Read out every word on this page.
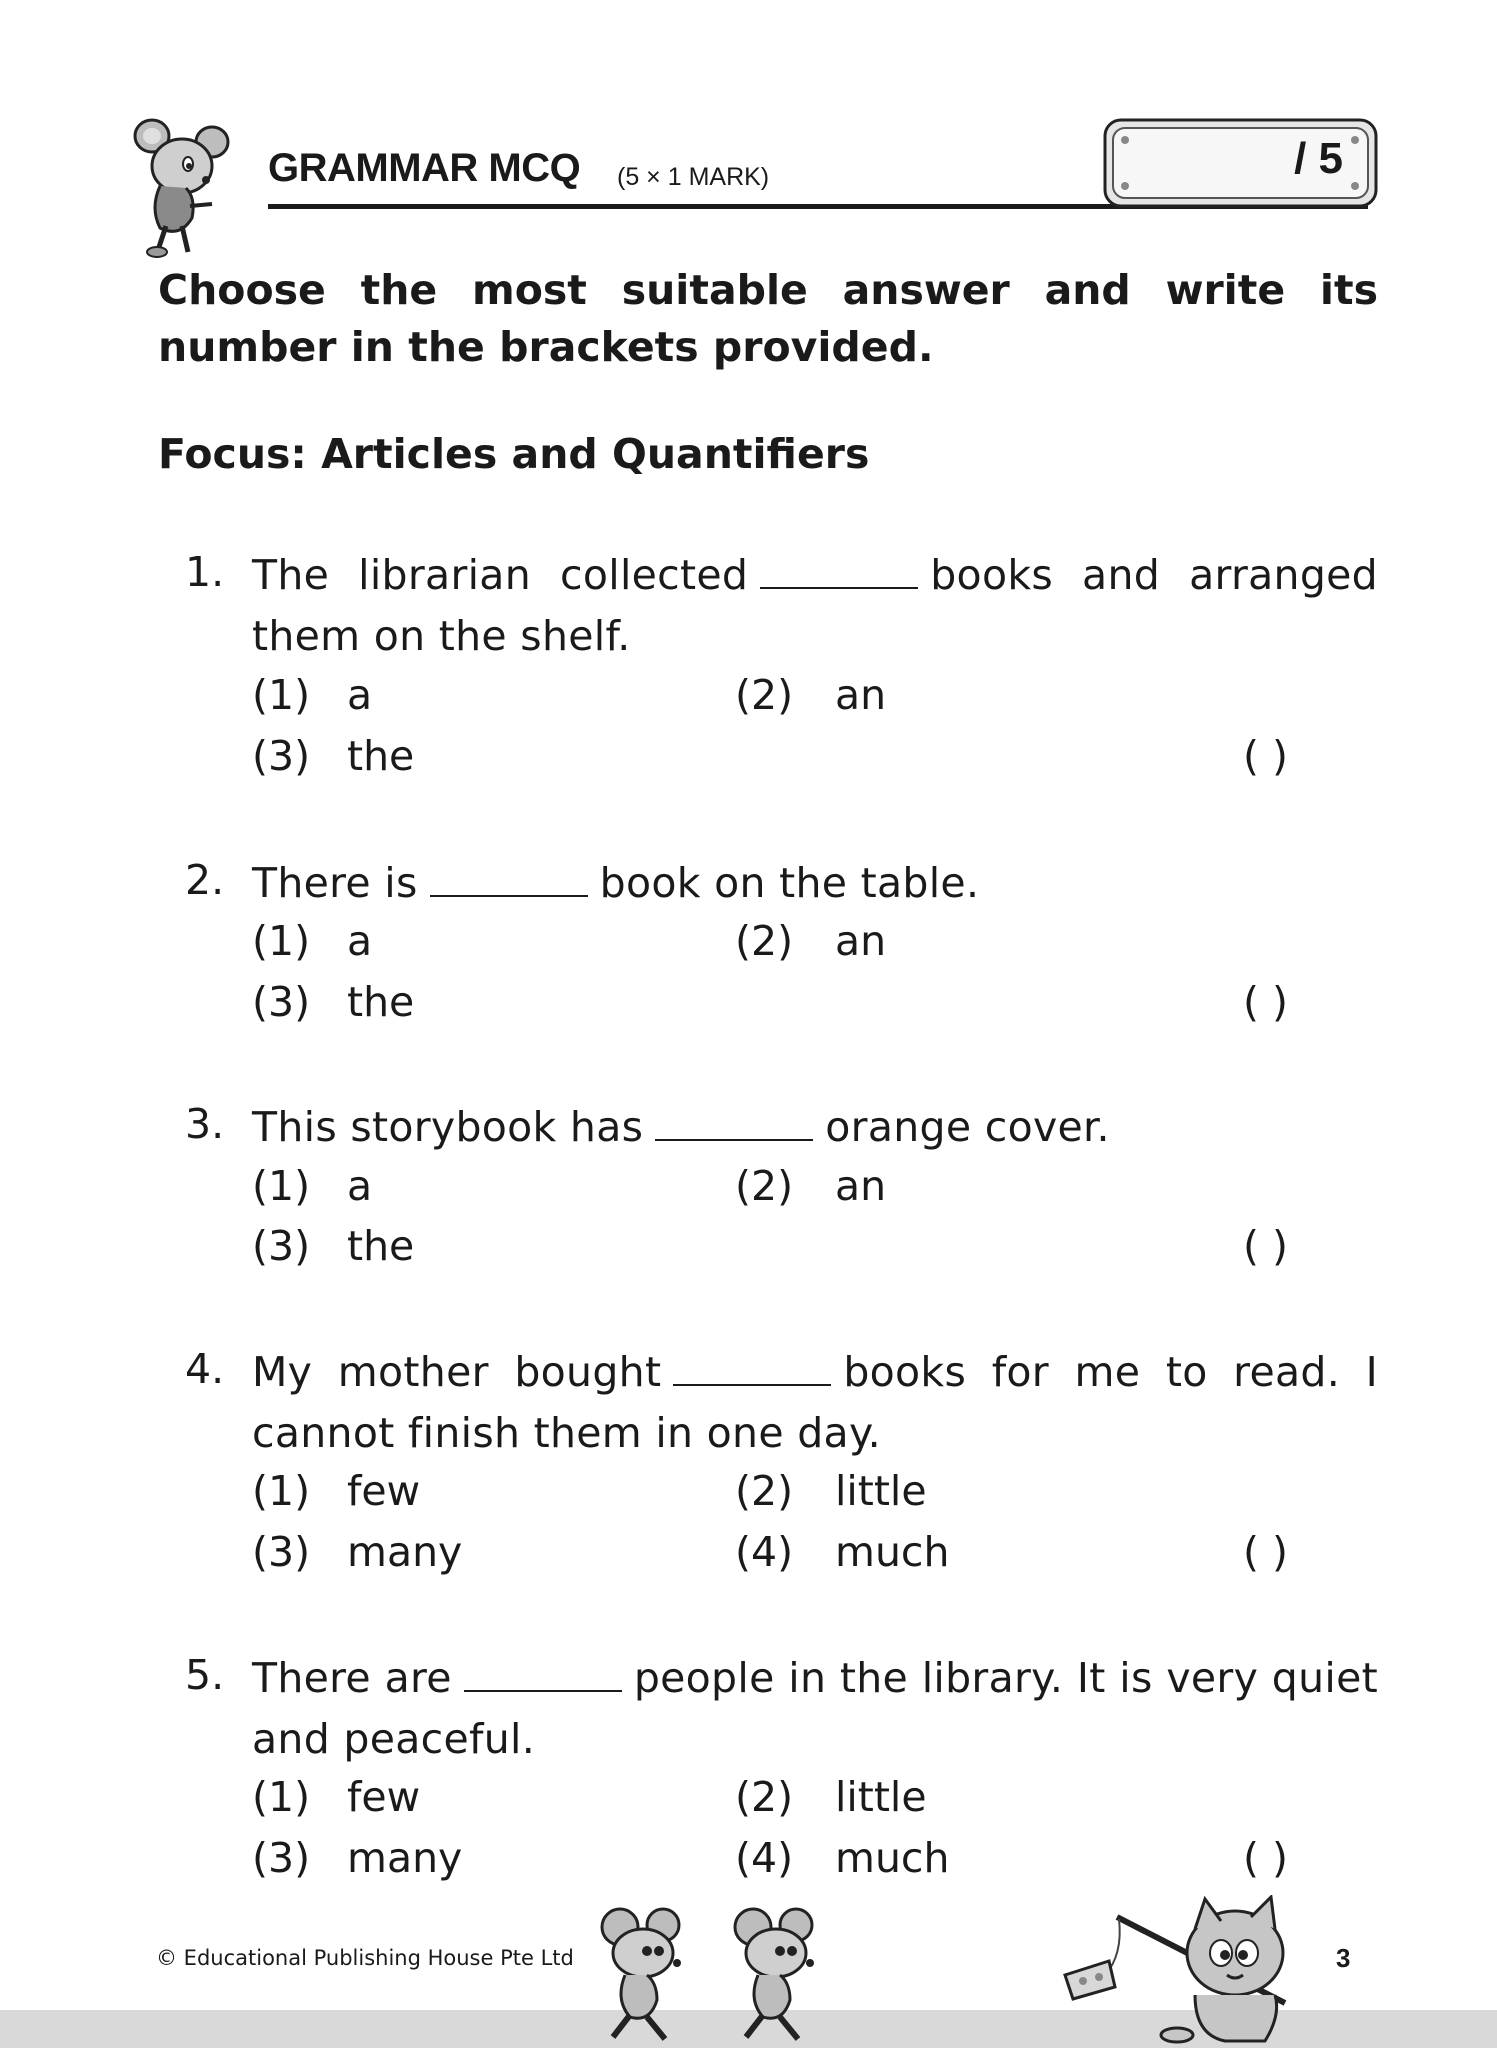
GRAMMAR MCQ (5 × 1 MARK)	/ 5
Choose the most suitable answer and write its number in the brackets provided.
Focus: Articles and Quantifiers
1. The librarian collected	books and arranged them on the shelf.
(1) a	(2) an
(3) the	( )
2. There is	book on the table.
(1) a	(2) an
(3) the	( )
3. This storybook has	orange cover.
(1) a	(2) an
(3) the	( )
4. My mother bought	books for me to read. I cannot finish them in one day.
(1) few	(2) little
(3) many	(4) much	( )
5. There are	people in the library. It is very quiet and peaceful.
(1) few	(2) little
(3) many	(4) much	( )
© Educational Publishing House Pte Ltd	3
